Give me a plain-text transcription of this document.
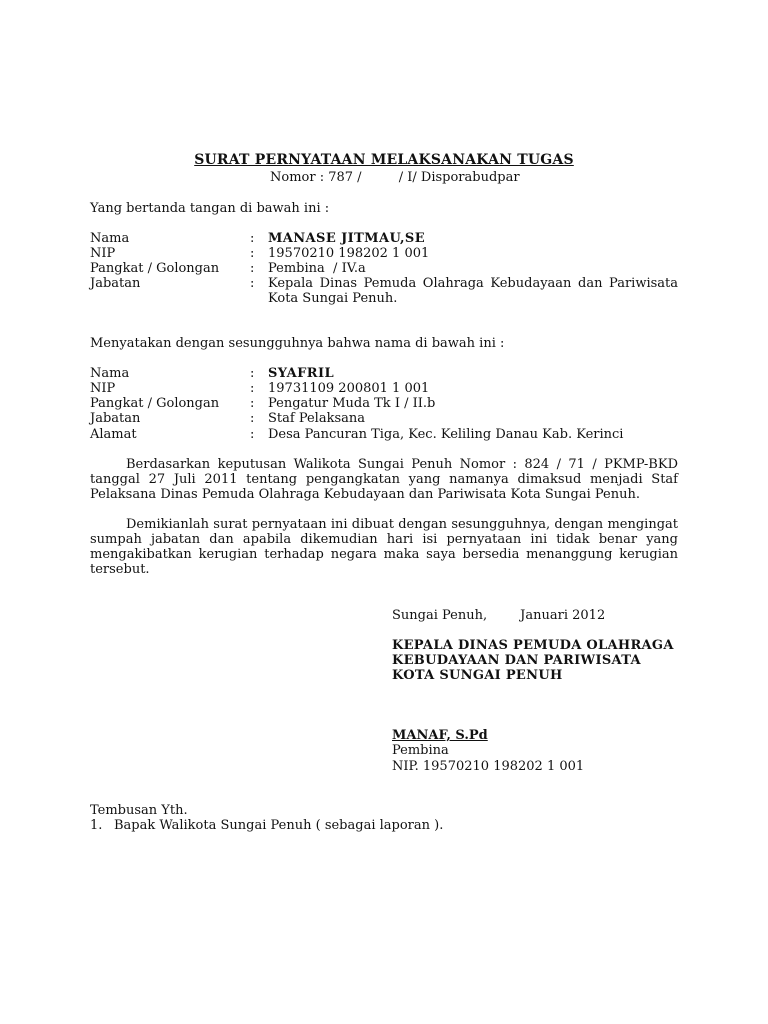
SURAT PERNYATAAN MELAKSANAKAN TUGAS
Nomor : 787 /         / I/ Disporabudpar
Yang bertanda tangan di bawah ini :
Nama	: MANASE JITMAU,SE
NIP	: 19570210 198202 1 001
Pangkat / Golongan : Pembina  / IV.a
Jabatan	: Kepala Dinas Pemuda Olahraga Kebudayaan dan Pariwisata Kota Sungai Penuh.
Menyatakan dengan sesungguhnya bahwa nama di bawah ini :
Nama	: SYAFRIL
NIP	: 19731109 200801 1 001
Pangkat / Golongan : Pengatur Muda Tk I / II.b
Jabatan	: Staf Pelaksana
Alamat	: Desa Pancuran Tiga, Kec. Keliling Danau Kab. Kerinci
Berdasarkan keputusan Walikota Sungai Penuh Nomor : 824 / 71 / PKMP-BKD tanggal 27 Juli 2011 tentang pengangkatan yang namanya dimaksud menjadi Staf Pelaksana Dinas Pemuda Olahraga Kebudayaan dan Pariwisata Kota Sungai Penuh.
Demikianlah surat pernyataan ini dibuat dengan sesungguhnya, dengan mengingat sumpah jabatan dan apabila dikemudian hari isi pernyataan ini tidak benar yang mengakibatkan kerugian terhadap negara maka saya bersedia menanggung kerugian tersebut.
Sungai Penuh,        Januari 2012
KEPALA DINAS PEMUDA OLAHRAGA
KEBUDAYAAN DAN PARIWISATA
KOTA SUNGAI PENUH
MANAF, S.Pd
Pembina
NIP. 19570210 198202 1 001
Tembusan Yth.
1. Bapak Walikota Sungai Penuh ( sebagai laporan ).
